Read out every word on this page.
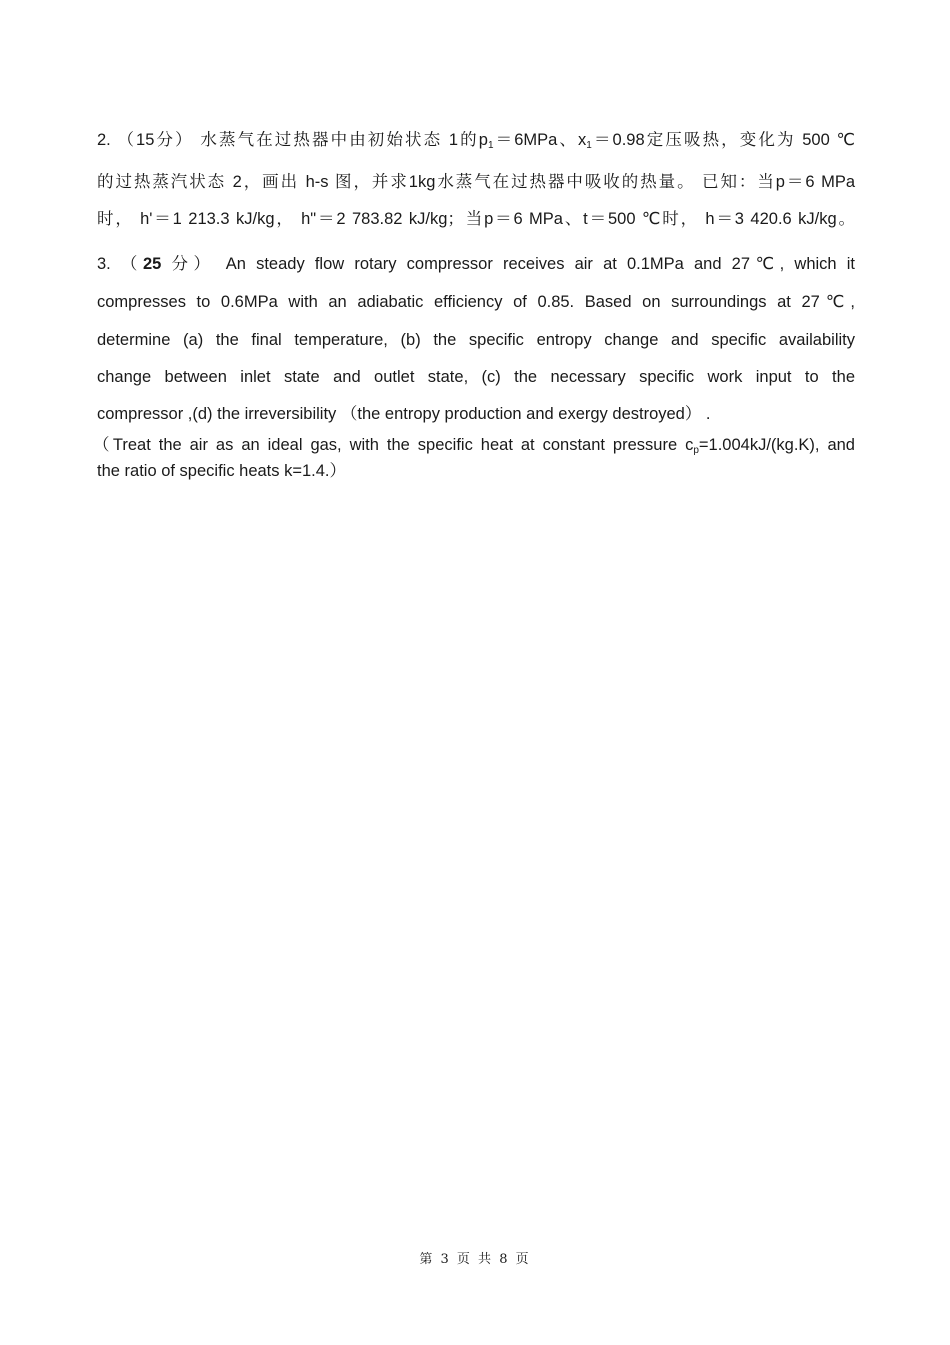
2. （15分） 水蒸气在过热器中由初始状态 1的$p_1=6MPa$、$x_1=0.98$定压吸热，变化为 500 ℃
的过热蒸汽状态 2，画出 h-s 图，并求1kg水蒸气在过热器中吸收的热量。 已知：当p＝6 MPa
时， h'＝1 213.3 kJ/kg， h"＝2 783.82 kJ/kg；当p＝6 MPa、t＝500 ℃时， h＝3 420.6 kJ/kg。
3. （25 分） An steady flow rotary compressor receives air at 0.1MPa and 27℃, which it
compresses to 0.6MPa with an adiabatic efficiency of 0.85. Based on surroundings at 27℃,
determine (a) the final temperature, (b) the specific entropy change and specific availability
change between inlet state and outlet state, (c) the necessary specific work input to the
compressor ,(d) the irreversibility （the entropy production and exergy destroyed） .
（Treat the air as an ideal gas, with the specific heat at constant pressure $c_p=1.004kJ/(kg.K)$, and
the ratio of specific heats k=1.4.）
第 3 页 共 8 页
